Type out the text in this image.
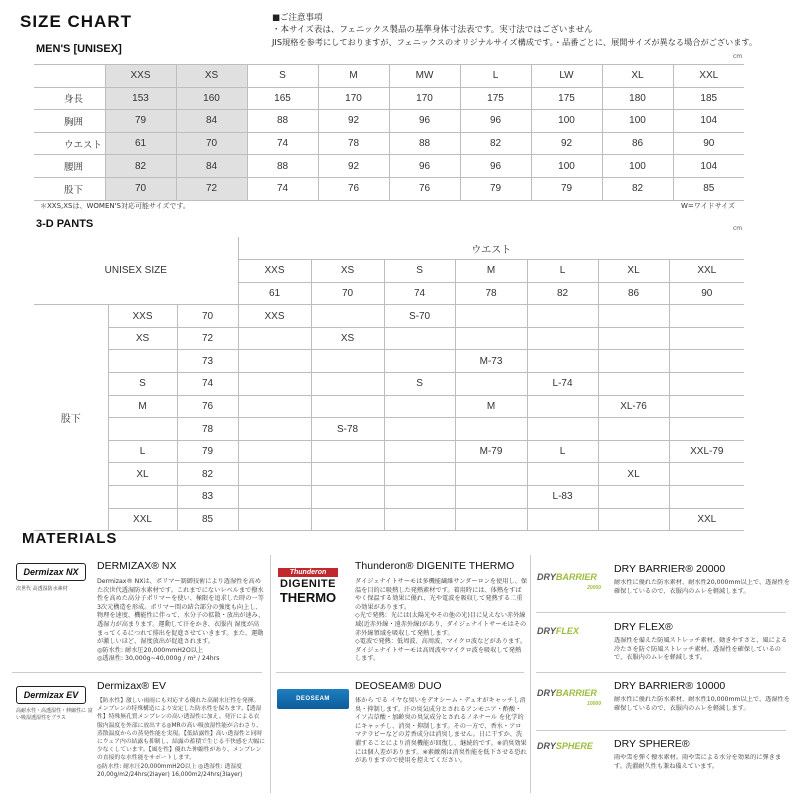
SIZE CHART	■ご注意事項
・本サイズ表は、フェニックス製品の基準身体寸法表です。実寸法ではございません
JIS規格を参考にしておりますが、フェニックスのオリジナルサイズ構成です。・品番ごとに、展開サイズが異なる場合がございます。
MEN'S [UNISEX]
cm
	XXS	XS	S	M	MW	L	LW	XL	XXL
身長	153	160	165	170	170	175	175	180	185
胸囲	79	84	88	92	96	96	100	100	104
ウエスト	61	70	74	78	88	82	92	86	90
腰囲	82	84	88	92	96	96	100	100	104
股下	70	72	74	76	76	79	79	82	85
＊XXS,XSは、WOMEN'S対応可能サイズです。	W=ワイドサイズ
3-D PANTS	cm
UNISEX SIZE			ウエスト						
			XXS	XS	S	M	L	XL	XXL
			61	70	74	78	82	86	90
股下	XXS	70	XXS		S-70				
	XS	72		XS					
		73				M-73			
	S	74			S		L-74		
	M	76				M		XL-76	
		78		S-78					
	L	79				M-79	L		XXL-79
	XL	82						XL	
		83					L-83		
	XXL	85							XXL
MATERIALS
Dermizax NX
次世代 高透湿防水素材
DERMIZAX® NX
Dermizax® NXは、ポリマー制御技術により透湿性を高めた次世代透湿防水素材です。これまでにないレベルまで撥水性を高めた高分子ポリマーを使い、極限を追求した時の一等3次元構造を形成。ポリマー間の結合部分の強度も向上し、物理を速度、機能性に伴って、水分子の拡散・放出が速み、透湿力が高まります。運動して汗をかき、衣服内 湿度が高まってくるにつれて排出を促進させていきます。また、運動が激しいほど、湿度放出が促進されます。
◎防水性: 耐水圧20,000mmH2O以上
◎透湿性: 30,000g~40,000g / m² / 24hrs
Dermizax EV
高耐水性・高透湿性・伸縮性に 富い吸湿透湿性をプラス
Dermizax® EV
【防水性】激しい雨雨にも対応する優れた高耐水圧性を発揮。メンブレンの特殊構造により安定した防水性を保ちます。【透湿性】特殊無孔質メンブレンの高い透湿性に加え、発汗による衣服内温度を外部に放出する◎MRの高い吸放湿性能が合わさり、蒸散温度からの蒸発性能を実現。【低結露性】高い透湿性と同時にウェア内の結露も抑制し、結露の蓄積で生じる不快感を大幅に少なくしています。【風を性】優れた伸縮性があり、メンブレンの直接的な水性能をサポートします。
◎防水性: 耐水圧20,000mmH2O以上 ◎透湿性: 透湿度 20,00g/m2/24hrs(2layer) 16,000m2/24hrs(3layer)
Thunderon
DIGENITE
THERMO
Thunderon® DIGENITE THERMO
ダイジェナイトサーモは多機能繊維サンダーロンを使用し、保温を目的に吸熱した発熱素材です。着用時には、体熱をすばやく保温する効果に優れ、光や電波を吸収して発熱する二重の効果があります。
◇光で発熱：光には(太陽光やその他の光)目に見えない赤外線域(近赤外線・遠赤外線)があり、ダイジェナイトサーモはその赤外線領域を吸収して発熱します。
◇電波で発熱：低周波、高周波、マイクロ波などがあります。ダイジェナイトサーモは高周波やマイクロ波を吸収して発熱します。
DEOSEAM
DEOSEAM® DUO
体から でる イヤな臭いをデオシーム・デュオがキャッチし消臭・抑制します。汗の臭気成分とされるアンモニア・酢酸・イソ吉草酸・加齢臭の臭気成分とされるノネナール を化学的にキャッチし、消臭・抑制します。その一方で、香水・アロマテラピーなどの芳香成分は消臭しません。日に干すか、洗濯することにより消臭機能が回復し、継続的です。※消臭効果には個人差があります。※素敵剤は消臭性能を低下させる恐れがありますので使用を控えてください。
DRYBARRIER
20000
DRY BARRIER® 20000
耐水性に優れた防水素材、耐水性20,000mm以上で、透湿性を確保しているので、衣服内のムレを軽減します。
DRYFLEX	DRY FLEX®
透湿性を備えた防風ストレッチ素材。動きやすさと、風による冷たさを防ぐ防風ストレッチ素材。透湿性を確保しているので、衣服内のムレを軽減します。
DRYBARRIER
10000
DRY BARRIER® 10000
耐水性に優れた防水素材、耐水性10,000mm以上で、透湿性を確保しているので、衣服内のムレを軽減します。
DRYSPHERE DRY SPHERE®
雨や雪を弾く撥水素材。雨や雪による水分を効果的に弾きます。洗濯耐久性も兼ね備えています。
